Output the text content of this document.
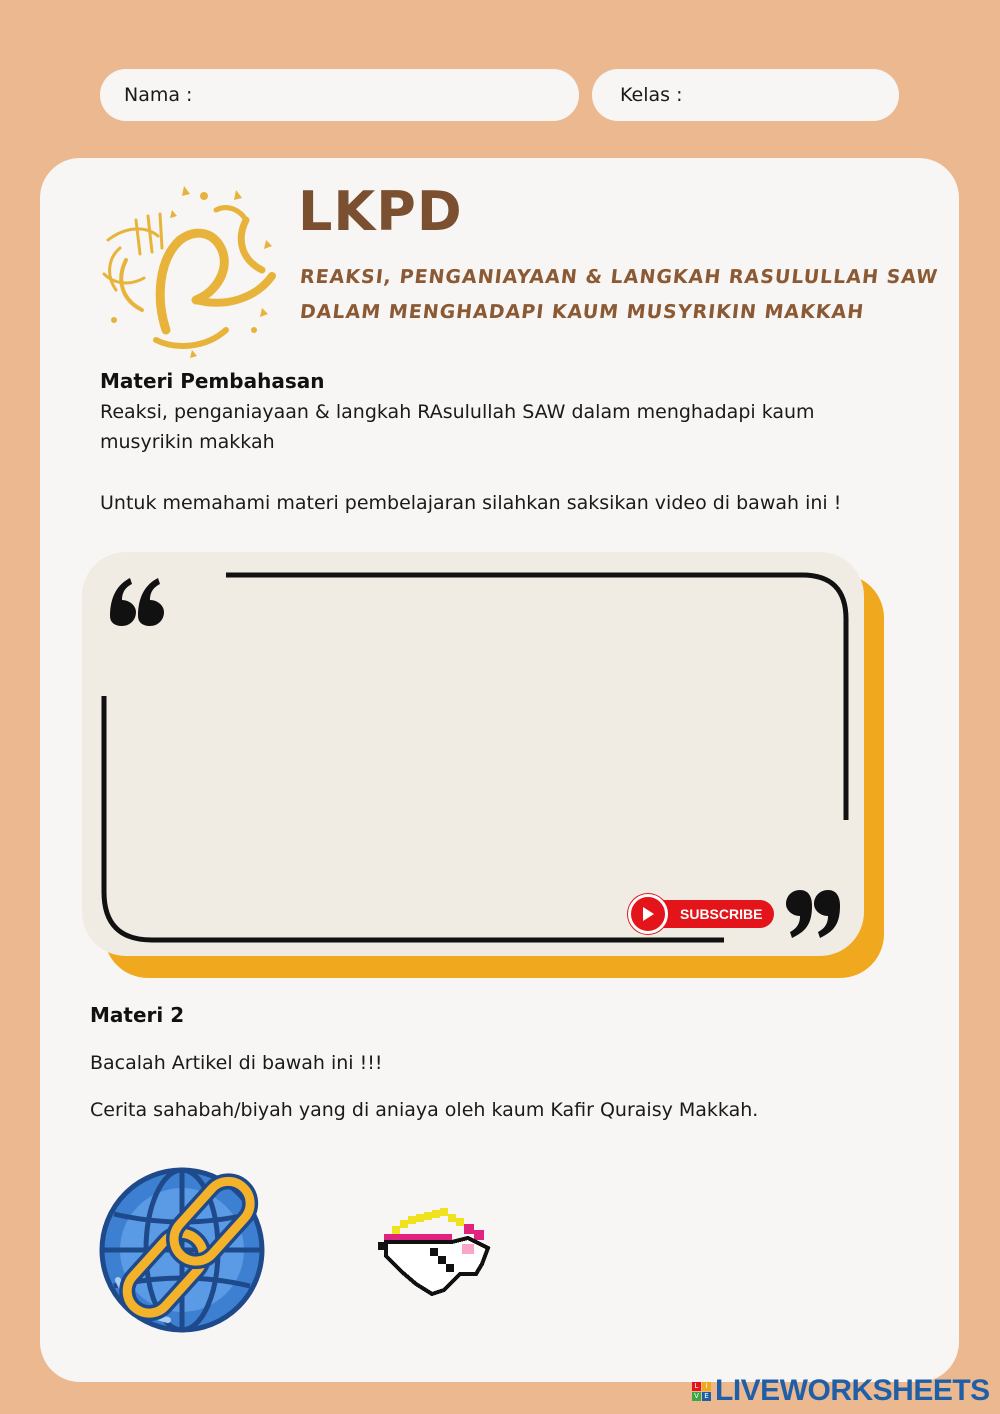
Nama :	Kelas :
LKPD
REAKSI, PENGANIAYAAN & LANGKAH RASULULLAH SAW
DALAM MENGHADAPI KAUM MUSYRIKIN MAKKAH
Materi Pembahasan
Reaksi, penganiayaan & langkah RAsulullah SAW dalam menghadapi kaum musyrikin makkah
Untuk memahami materi pembelajaran silahkan saksikan video di bawah ini !
SUBSCRIBE
Materi 2
Bacalah Artikel di bawah ini !!!
Cerita sahabah/biyah yang di aniaya oleh kaum Kafir Quraisy Makkah.
L	I
V E LIVEWORKSHEETS
